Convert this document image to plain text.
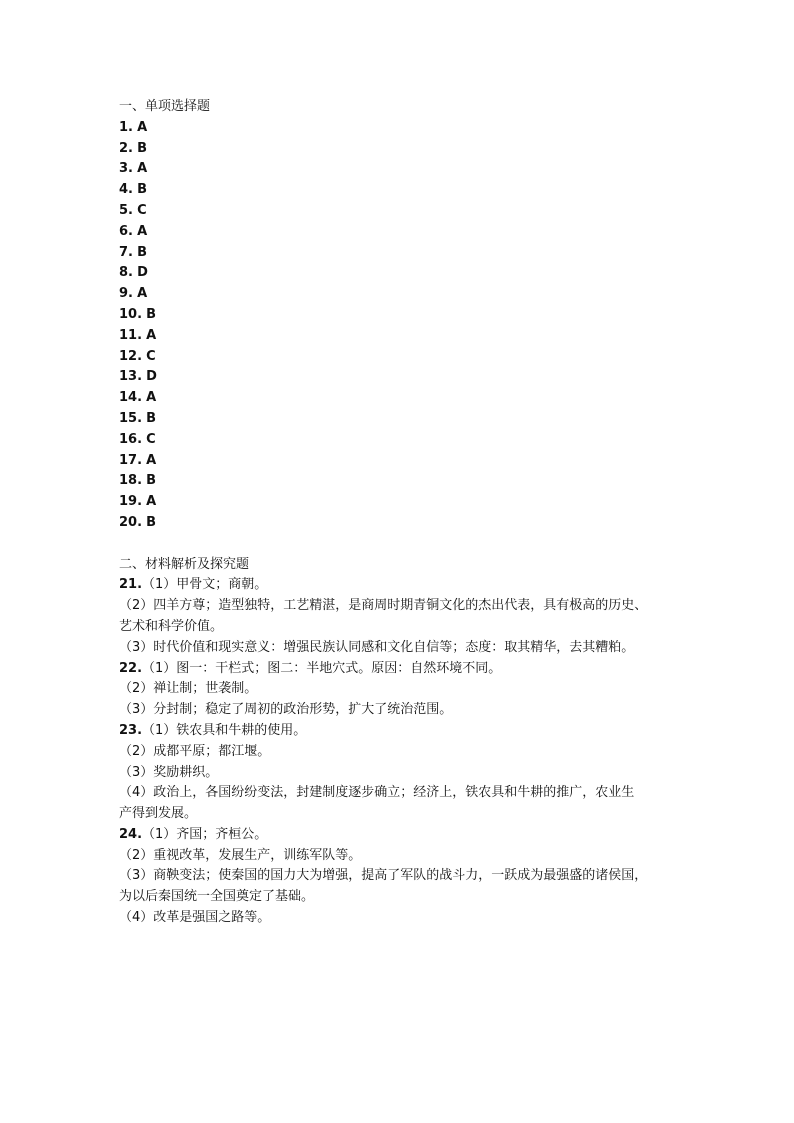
一、单项选择题
1. A
2. B
3. A
4. B
5. C
6. A
7. B
8. D
9. A
10. B
11. A
12. C
13. D
14. A
15. B
16. C
17. A
18. B
19. A
20. B
二、材料解析及探究题
21.（1）甲骨文；商朝。
（2）四羊方尊；造型独特，工艺精湛，是商周时期青铜文化的杰出代表，具有极高的历史、
艺术和科学价值。
（3）时代价值和现实意义：增强民族认同感和文化自信等；态度：取其精华，去其糟粕。
22.（1）图一：干栏式；图二：半地穴式。原因：自然环境不同。
（2）禅让制；世袭制。
（3）分封制；稳定了周初的政治形势，扩大了统治范围。
23.（1）铁农具和牛耕的使用。
（2）成都平原；都江堰。
（3）奖励耕织。
（4）政治上，各国纷纷变法，封建制度逐步确立；经济上，铁农具和牛耕的推广，农业生
产得到发展。
24.（1）齐国；齐桓公。
（2）重视改革，发展生产，训练军队等。
（3）商鞅变法；使秦国的国力大为增强，提高了军队的战斗力，一跃成为最强盛的诸侯国，
为以后秦国统一全国奠定了基础。
（4）改革是强国之路等。
